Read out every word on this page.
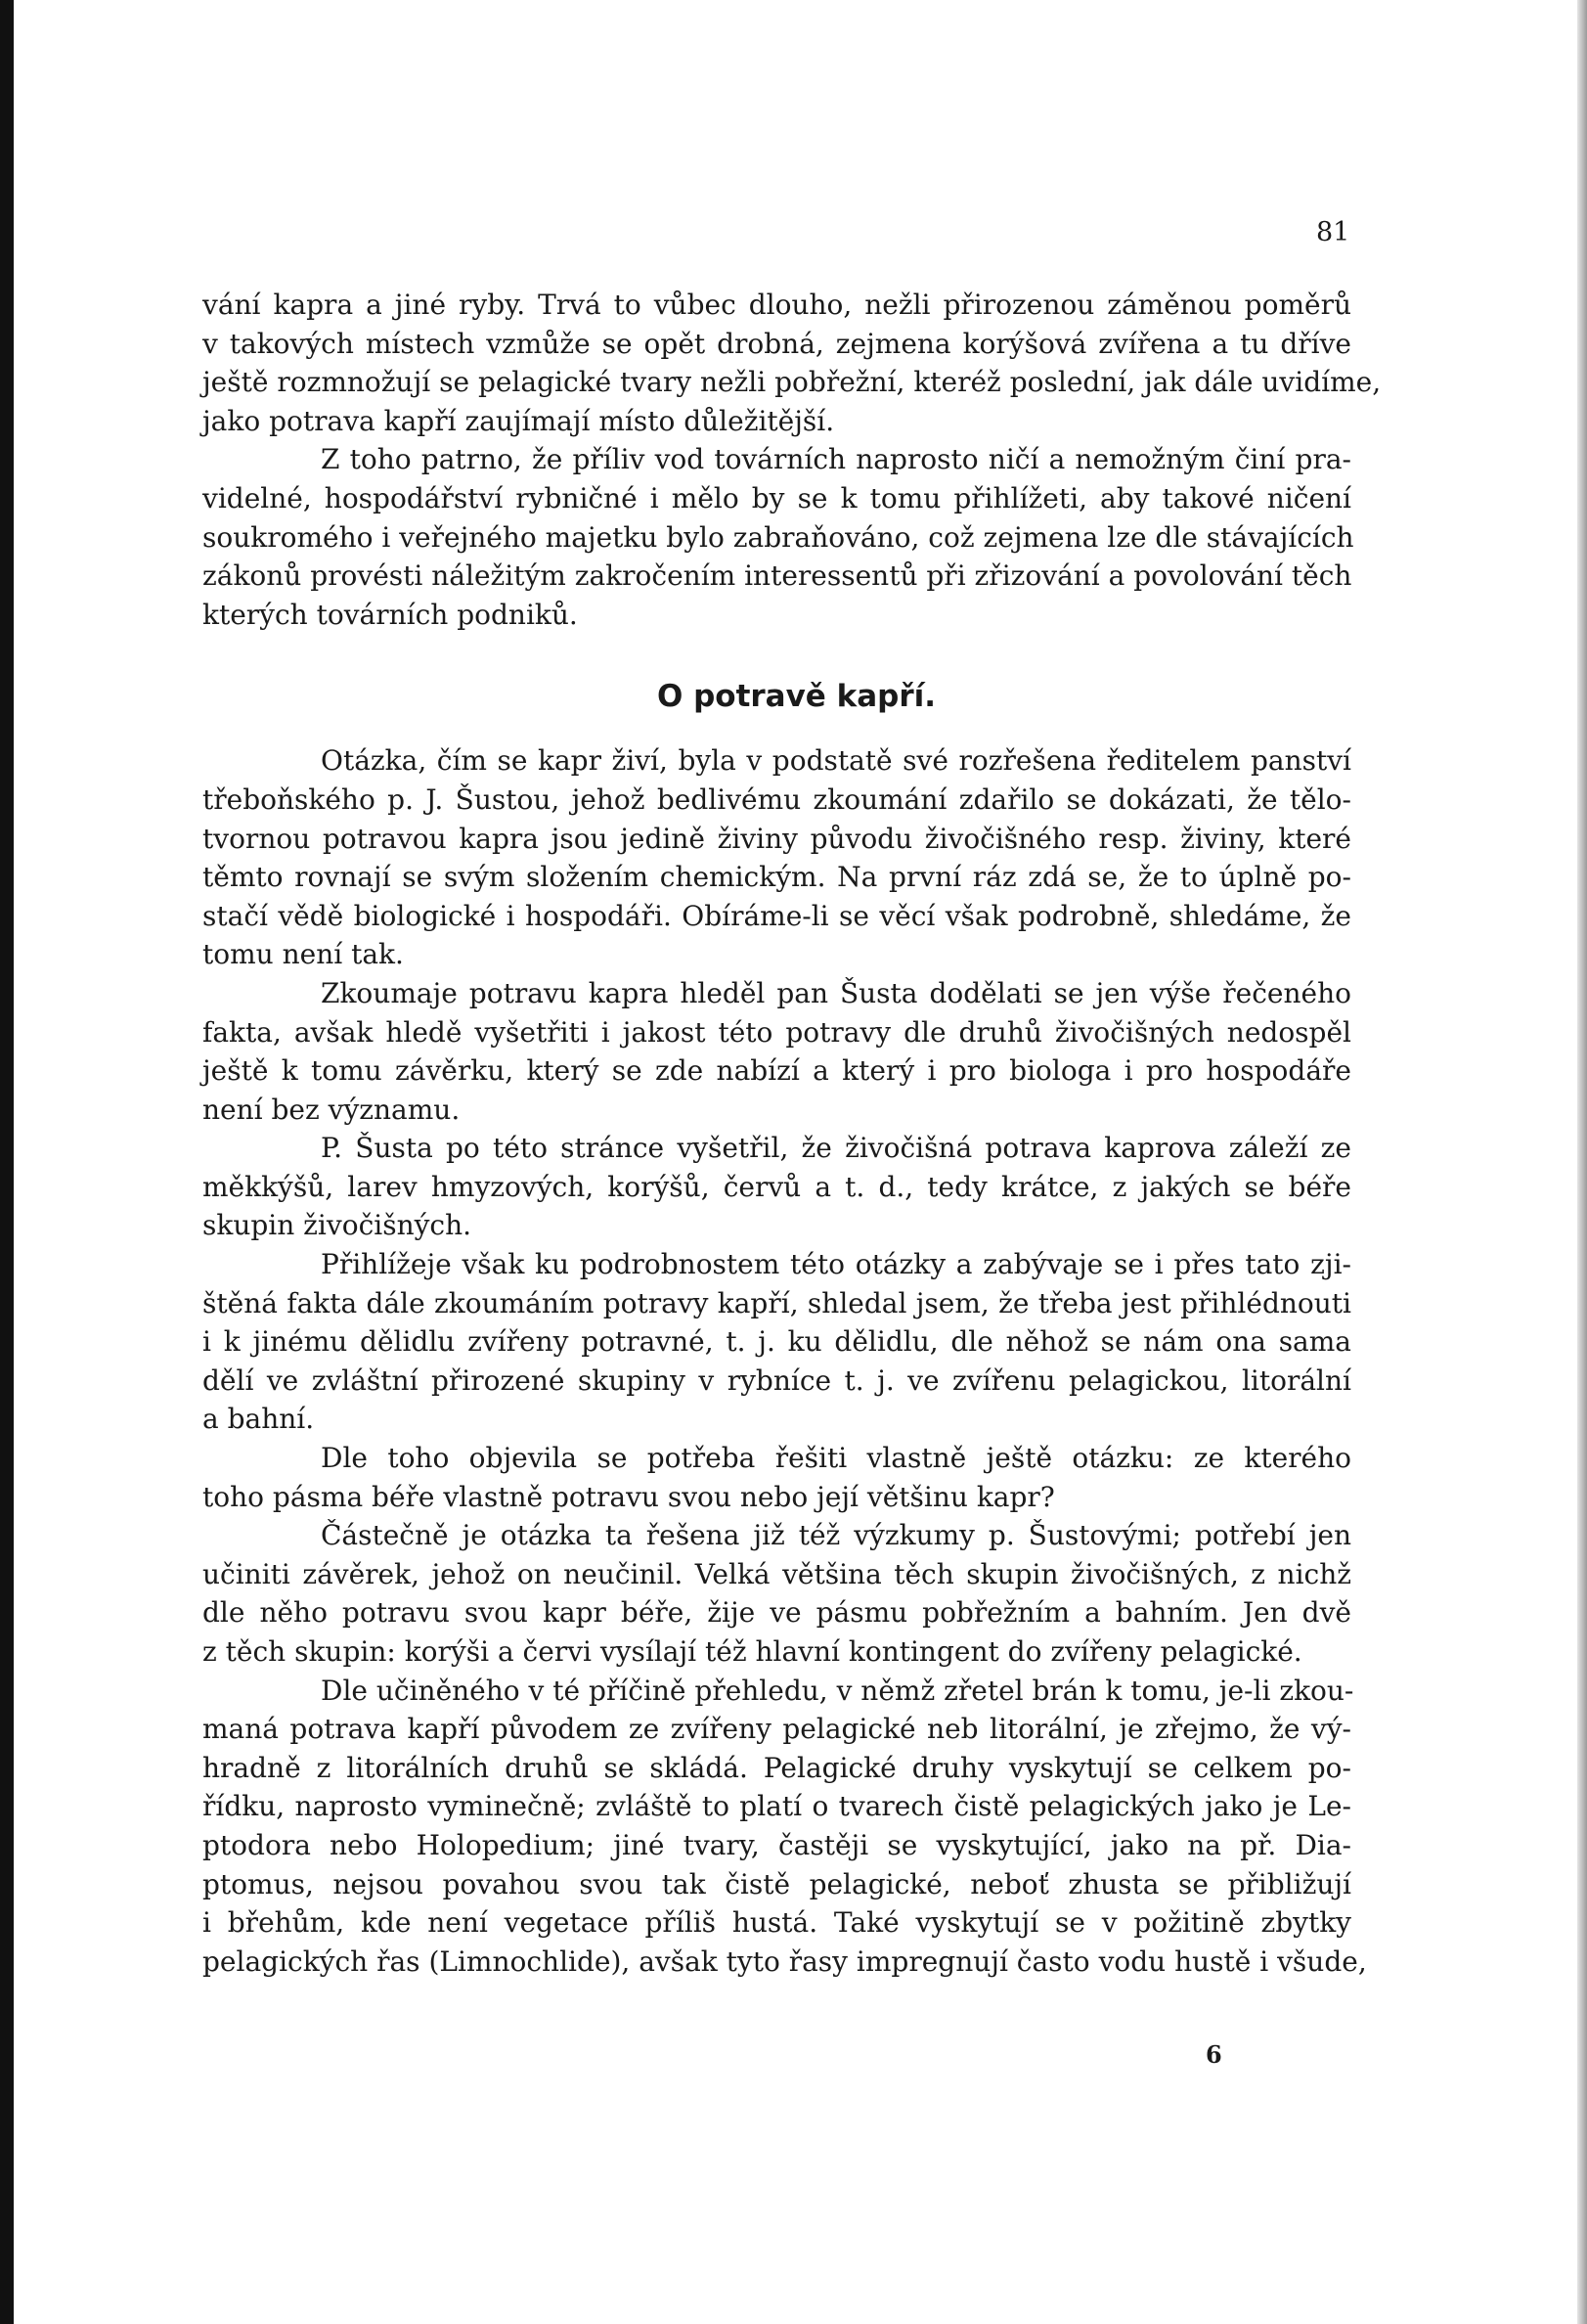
81
vání kapra a jiné ryby. Trvá to vůbec dlouho, nežli přirozenou záměnou poměrů
v takových místech vzmůže se opět drobná, zejmena korýšová zvířena a tu dříve
ještě rozmnožují se pelagické tvary nežli pobřežní, kteréž poslední, jak dále uvidíme,
jako potrava kapří zaujímají místo důležitější.
Z toho patrno, že příliv vod továrních naprosto ničí a nemožným činí pra-
videlné, hospodářství rybničné i mělo by se k tomu přihlížeti, aby takové ničení
soukromého i veřejného majetku bylo zabraňováno, což zejmena lze dle stávajících
zákonů provésti náležitým zakročením interessentů při zřizování a povolování těch
kterých továrních podniků.
O potravě kapří.
Otázka, čím se kapr živí, byla v podstatě své rozřešena ředitelem panství
třeboňského p. J. Šustou, jehož bedlivému zkoumání zdařilo se dokázati, že tělo-
tvornou potravou kapra jsou jedině živiny původu živočišného resp. živiny, které
těmto rovnají se svým složením chemickým. Na první ráz zdá se, že to úplně po-
stačí vědě biologické i hospodáři. Obíráme-li se věcí však podrobně, shledáme, že
tomu není tak.
Zkoumaje potravu kapra hleděl pan Šusta dodělati se jen výše řečeného
fakta, avšak hledě vyšetřiti i jakost této potravy dle druhů živočišných nedospěl
ještě k tomu závěrku, který se zde nabízí a který i pro biologa i pro hospodáře
není bez významu.
P. Šusta po této stránce vyšetřil, že živočišná potrava kaprova záleží ze
měkkýšů, larev hmyzových, korýšů, červů a t. d., tedy krátce, z jakých se béře
skupin živočišných.
Přihlížeje však ku podrobnostem této otázky a zabývaje se i přes tato zji-
štěná fakta dále zkoumáním potravy kapří, shledal jsem, že třeba jest přihlédnouti
i k jinému dělidlu zvířeny potravné, t. j. ku dělidlu, dle něhož se nám ona sama
dělí ve zvláštní přirozené skupiny v rybníce t. j. ve zvířenu pelagickou, litorální
a bahní.
Dle toho objevila se potřeba řešiti vlastně ještě otázku: ze kterého
toho pásma béře vlastně potravu svou nebo její většinu kapr?
Částečně je otázka ta řešena již též výzkumy p. Šustovými; potřebí jen
učiniti závěrek, jehož on neučinil. Velká většina těch skupin živočišných, z nichž
dle něho potravu svou kapr béře, žije ve pásmu pobřežním a bahním. Jen dvě
z těch skupin: korýši a červi vysílají též hlavní kontingent do zvířeny pelagické.
Dle učiněného v té příčině přehledu, v němž zřetel brán k tomu, je-li zkou-
maná potrava kapří původem ze zvířeny pelagické neb litorální, je zřejmo, že vý-
hradně z litorálních druhů se skládá. Pelagické druhy vyskytují se celkem po-
řídku, naprosto vyminečně; zvláště to platí o tvarech čistě pelagických jako je Le-
ptodora nebo Holopedium; jiné tvary, častěji se vyskytující, jako na př. Dia-
ptomus, nejsou povahou svou tak čistě pelagické, neboť zhusta se přibližují
i břehům, kde není vegetace příliš hustá. Také vyskytují se v požitině zbytky
pelagických řas (Limnochlide), avšak tyto řasy impregnují často vodu hustě i všude,
6
